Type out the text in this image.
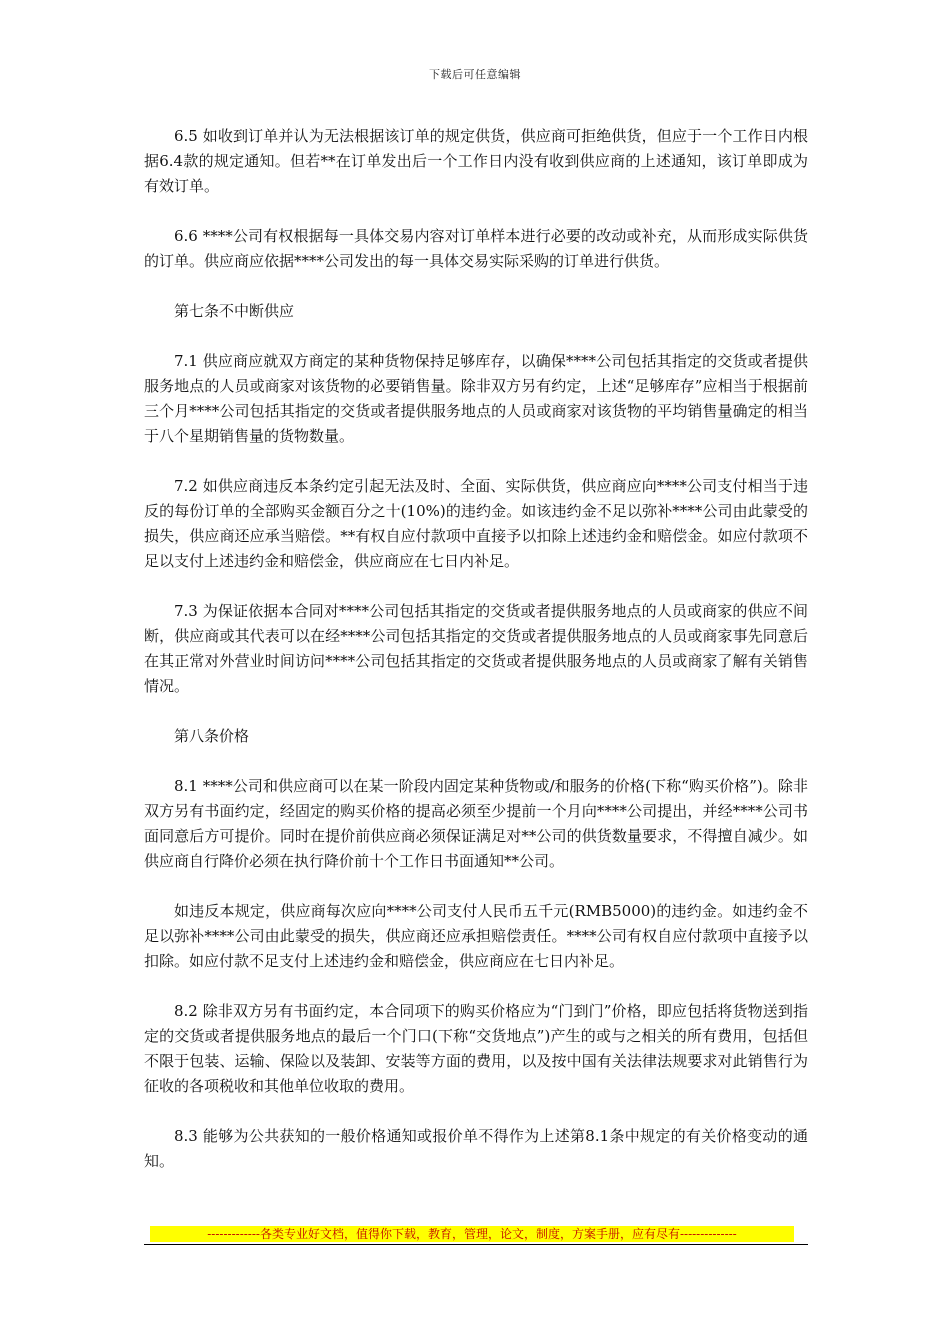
下载后可任意编辑

6.5 如收到订单并认为无法根据该订单的规定供货，供应商可拒绝供货，但应于一个工作日内根据6.4款的规定通知。但若**在订单发出后一个工作日内没有收到供应商的上述通知，该订单即成为有效订单。

6.6 ****公司有权根据每一具体交易内容对订单样本进行必要的改动或补充，从而形成实际供货的订单。供应商应依据****公司发出的每一具体交易实际采购的订单进行供货。

第七条不中断供应

7.1 供应商应就双方商定的某种货物保持足够库存，以确保****公司包括其指定的交货或者提供服务地点的人员或商家对该货物的必要销售量。除非双方另有约定，上述“足够库存”应相当于根据前三个月****公司包括其指定的交货或者提供服务地点的人员或商家对该货物的平均销售量确定的相当于八个星期销售量的货物数量。

7.2 如供应商违反本条约定引起无法及时、全面、实际供货，供应商应向****公司支付相当于违反的每份订单的全部购买金额百分之十(10%)的违约金。如该违约金不足以弥补****公司由此蒙受的损失，供应商还应承当赔偿。**有权自应付款项中直接予以扣除上述违约金和赔偿金。如应付款项不足以支付上述违约金和赔偿金，供应商应在七日内补足。

7.3 为保证依据本合同对****公司包括其指定的交货或者提供服务地点的人员或商家的供应不间断，供应商或其代表可以在经****公司包括其指定的交货或者提供服务地点的人员或商家事先同意后在其正常对外营业时间访问****公司包括其指定的交货或者提供服务地点的人员或商家了解有关销售情况。

第八条价格

8.1 ****公司和供应商可以在某一阶段内固定某种货物或/和服务的价格(下称“购买价格”)。除非双方另有书面约定，经固定的购买价格的提高必须至少提前一个月向****公司提出，并经****公司书面同意后方可提价。同时在提价前供应商必须保证满足对**公司的供货数量要求，不得擅自减少。如供应商自行降价必须在执行降价前十个工作日书面通知**公司。

如违反本规定，供应商每次应向****公司支付人民币五千元(RMB5000)的违约金。如违约金不足以弥补****公司由此蒙受的损失，供应商还应承担赔偿责任。****公司有权自应付款项中直接予以扣除。如应付款不足支付上述违约金和赔偿金，供应商应在七日内补足。

8.2 除非双方另有书面约定，本合同项下的购买价格应为“门到门”价格，即应包括将货物送到指定的交货或者提供服务地点的最后一个门口(下称“交货地点”)产生的或与之相关的所有费用，包括但不限于包装、运输、保险以及装卸、安装等方面的费用，以及按中国有关法律法规要求对此销售行为征收的各项税收和其他单位收取的费用。

8.3 能够为公共获知的一般价格通知或报价单不得作为上述第8.1条中规定的有关价格变动的通知。

-------------各类专业好文档，值得你下载，教育，管理，论文，制度，方案手册，应有尽有--------------
